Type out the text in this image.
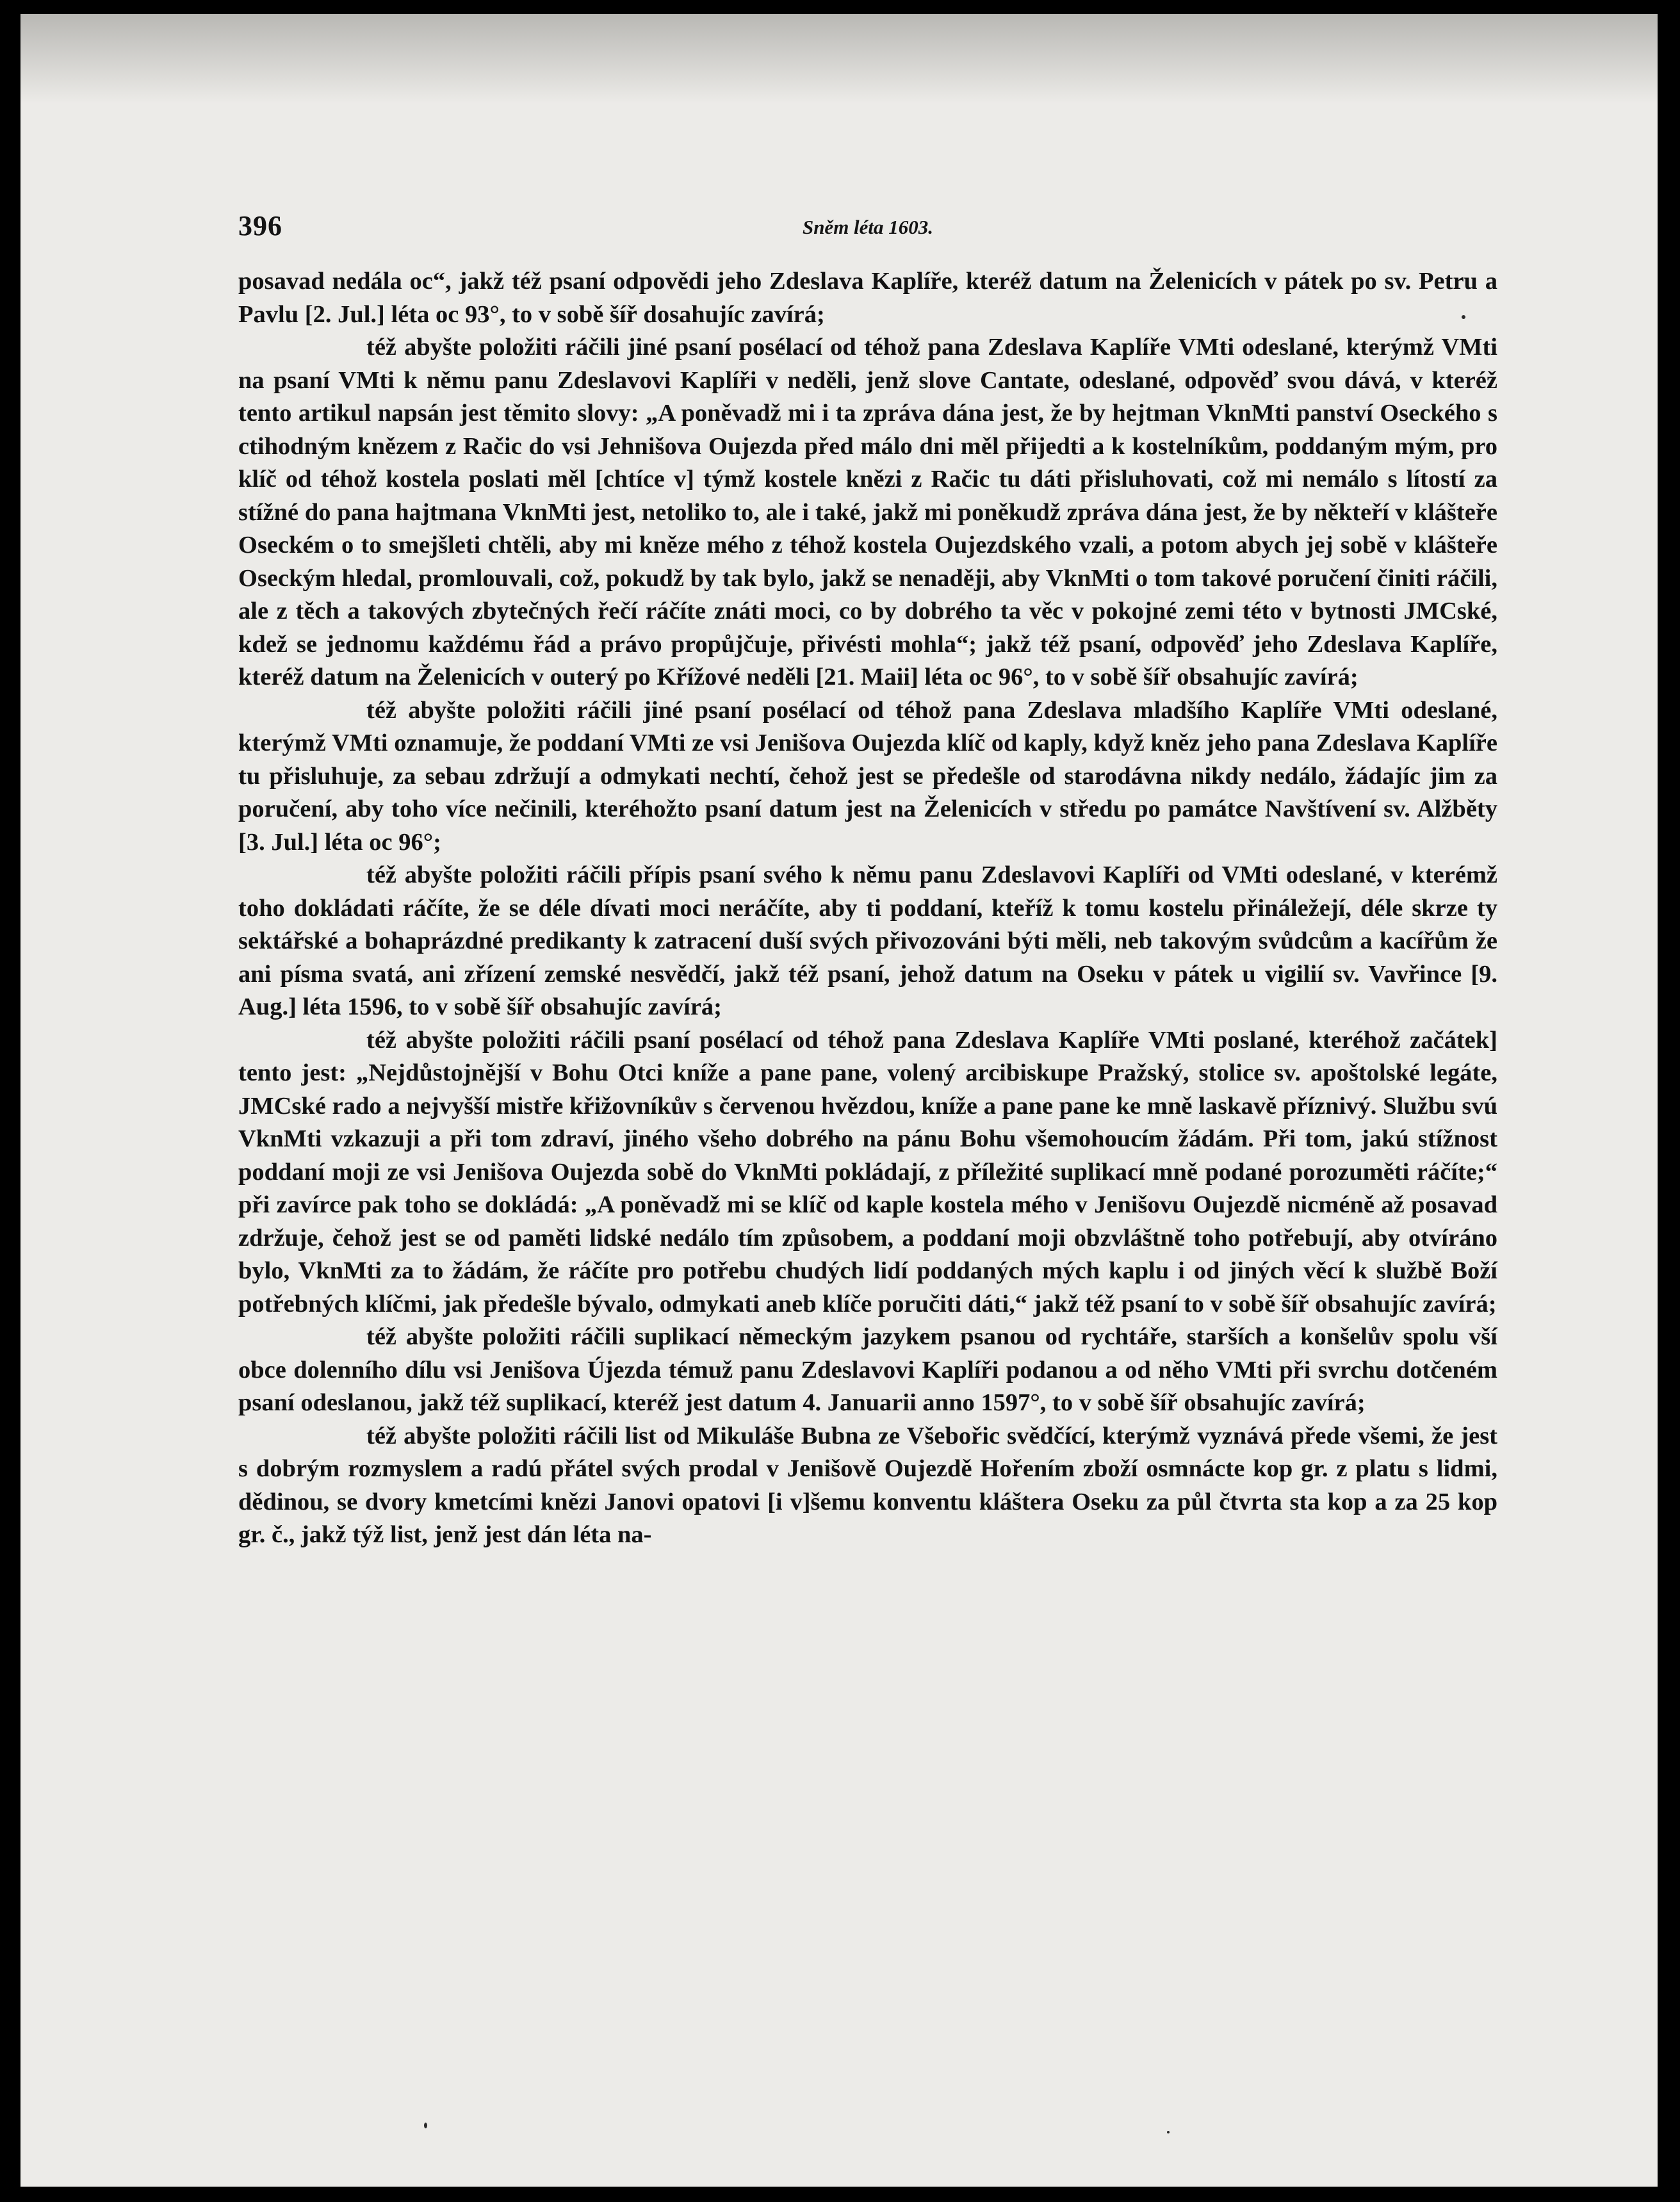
396	Sněm léta 1603.

posavad nedála oc“, jakž též psaní odpovědi jeho Zdeslava Kaplíře, kteréž datum na Želenicích v pátek po sv. Petru a Pavlu [2. Jul.] léta oc 93°, to v sobě šíř dosahujíc zavírá;

též abyšte položiti ráčili jiné psaní posélací od téhož pana Zdeslava Kaplíře VMti odeslané, kterýmž VMti na psaní VMti k němu panu Zdeslavovi Kaplíři v neděli, jenž slove Cantate, odeslané, odpověď svou dává, v kteréž tento artikul napsán jest těmito slovy: „A poněvadž mi i ta zpráva dána jest, že by hejtman VknMti panství Oseckého s ctihodným knězem z Račic do vsi Jehnišova Oujezda před málo dni měl přijedti a k kostelníkům, poddaným mým, pro klíč od téhož kostela poslati měl [chtíce v] týmž kostele knězi z Račic tu dáti přisluhovati, což mi nemálo s lítostí za stížné do pana hajtmana VknMti jest, netoliko to, ale i také, jakž mi poněkudž zpráva dána jest, že by někteří v klášteře Oseckém o to smejšleti chtěli, aby mi kněze mého z téhož kostela Oujezdského vzali, a potom abych jej sobě v klášteře Oseckým hledal, promlouvali, což, pokudž by tak bylo, jakž se nenaději, aby VknMti o tom takové poručení činiti ráčili, ale z těch a takových zbytečných řečí ráčíte znáti moci, co by dobrého ta věc v pokojné zemi této v bytnosti JMCské, kdež se jednomu každému řád a právo propůjčuje, přivésti mohla“; jakž též psaní, odpověď jeho Zdeslava Kaplíře, kteréž datum na Želenicích v outerý po Křížové neděli [21. Maii] léta oc 96°, to v sobě šíř obsahujíc zavírá;

též abyšte položiti ráčili jiné psaní posélací od téhož pana Zdeslava mladšího Kaplíře VMti odeslané, kterýmž VMti oznamuje, že poddaní VMti ze vsi Jenišova Oujezda klíč od kaply, když kněz jeho pana Zdeslava Kaplíře tu přisluhuje, za sebau zdržují a odmykati nechtí, čehož jest se předešle od starodávna nikdy nedálo, žádajíc jim za poručení, aby toho více nečinili, kteréhožto psaní datum jest na Želenicích v středu po památce Navštívení sv. Alžběty [3. Jul.] léta oc 96°;

též abyšte položiti ráčili přípis psaní svého k němu panu Zdeslavovi Kaplíři od VMti odeslané, v kterémž toho dokládati ráčíte, že se déle dívati moci neráčíte, aby ti poddaní, kteříž k tomu kostelu přináležejí, déle skrze ty sektářské a bohaprázdné predikanty k zatracení duší svých přivozováni býti měli, neb takovým svůdcům a kacířům že ani písma svatá, ani zřízení zemské nesvědčí, jakž též psaní, jehož datum na Oseku v pátek u vigilií sv. Vavřince [9. Aug.] léta 1596, to v sobě šíř obsahujíc zavírá;

též abyšte položiti ráčili psaní posélací od téhož pana Zdeslava Kaplíře VMti poslané, kteréhož začátek] tento jest: „Nejdůstojnější v Bohu Otci kníže a pane pane, volený arcibiskupe Pražský, stolice sv. apoštolské legáte, JMCské rado a nejvyšší mistře křižovníkův s červenou hvězdou, kníže a pane pane ke mně laskavě příznivý. Službu svú VknMti vzkazuji a při tom zdraví, jiného všeho dobrého na pánu Bohu všemohoucím žádám. Při tom, jakú stížnost poddaní moji ze vsi Jenišova Oujezda sobě do VknMti pokládají, z příležité suplikací mně podané porozuměti ráčíte;“ při zavírce pak toho se dokládá: „A poněvadž mi se klíč od kaple kostela mého v Jenišovu Oujezdě nicméně až posavad zdržuje, čehož jest se od paměti lidské nedálo tím způsobem, a poddaní moji obzvláštně toho potřebují, aby otvíráno bylo, VknMti za to žádám, že ráčíte pro potřebu chudých lidí poddaných mých kaplu i od jiných věcí k službě Boží potřebných klíčmi, jak předešle bývalo, odmykati aneb klíče poručiti dáti,“ jakž též psaní to v sobě šíř obsahujíc zavírá;

též abyšte položiti ráčili suplikací německým jazykem psanou od rychtáře, starších a konšelův spolu vší obce dolenního dílu vsi Jenišova Újezda témuž panu Zdeslavovi Kaplíři podanou a od něho VMti při svrchu dotčeném psaní odeslanou, jakž též suplikací, kteréž jest datum 4. Januarii anno 1597°, to v sobě šíř obsahujíc zavírá;

též abyšte položiti ráčili list od Mikuláše Bubna ze Všebořic svědčící, kterýmž vyznává přede všemi, že jest s dobrým rozmyslem a radú přátel svých prodal v Jenišově Oujezdě Hořením zboží osmnácte kop gr. z platu s lidmi, dědinou, se dvory kmetcími knězi Janovi opatovi [i v]šemu konventu kláštera Oseku za půl čtvrta sta kop a za 25 kop gr. č., jakž týž list, jenž jest dán léta na-
